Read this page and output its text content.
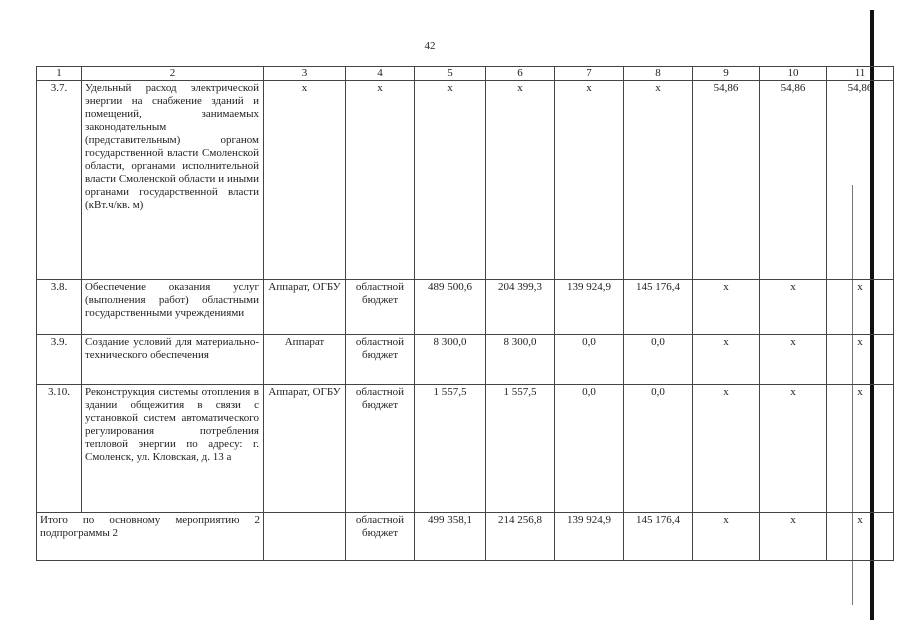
42
1	2	3	4	5	6	7	8	9	10	11
3.7.	Удельный расход электрической энергии на снабжение зданий и помещений, занимаемых законодательным (представительным) органом государственной власти Смоленской области, органами исполнительной власти Смоленской области и иными органами государственной власти (кВт.ч/кв. м)	х	х	х	х	х	х	54,86	54,86	54,86
3.8.	Обеспечение оказания услуг (выполнения работ) областными государственными учреждениями	Аппарат, ОГБУ	областной бюджет	489 500,6	204 399,3	139 924,9	145 176,4	х	х	х
3.9.	Создание условий для материально-технического обеспечения	Аппарат	областной бюджет	8 300,0	8 300,0	0,0	0,0	х	х	х
3.10.	Реконструкция системы отопления в здании общежития в связи с установкой систем автоматического регулирования потребления тепловой энергии по адресу: г. Смоленск, ул. Кловская, д. 13 а	Аппарат, ОГБУ	областной бюджет	1 557,5	1 557,5	0,0	0,0	х	х	х
Итого по основному мероприятию 2 подпрограммы 2			областной бюджет	499 358,1	214 256,8	139 924,9	145 176,4	х	х	х
